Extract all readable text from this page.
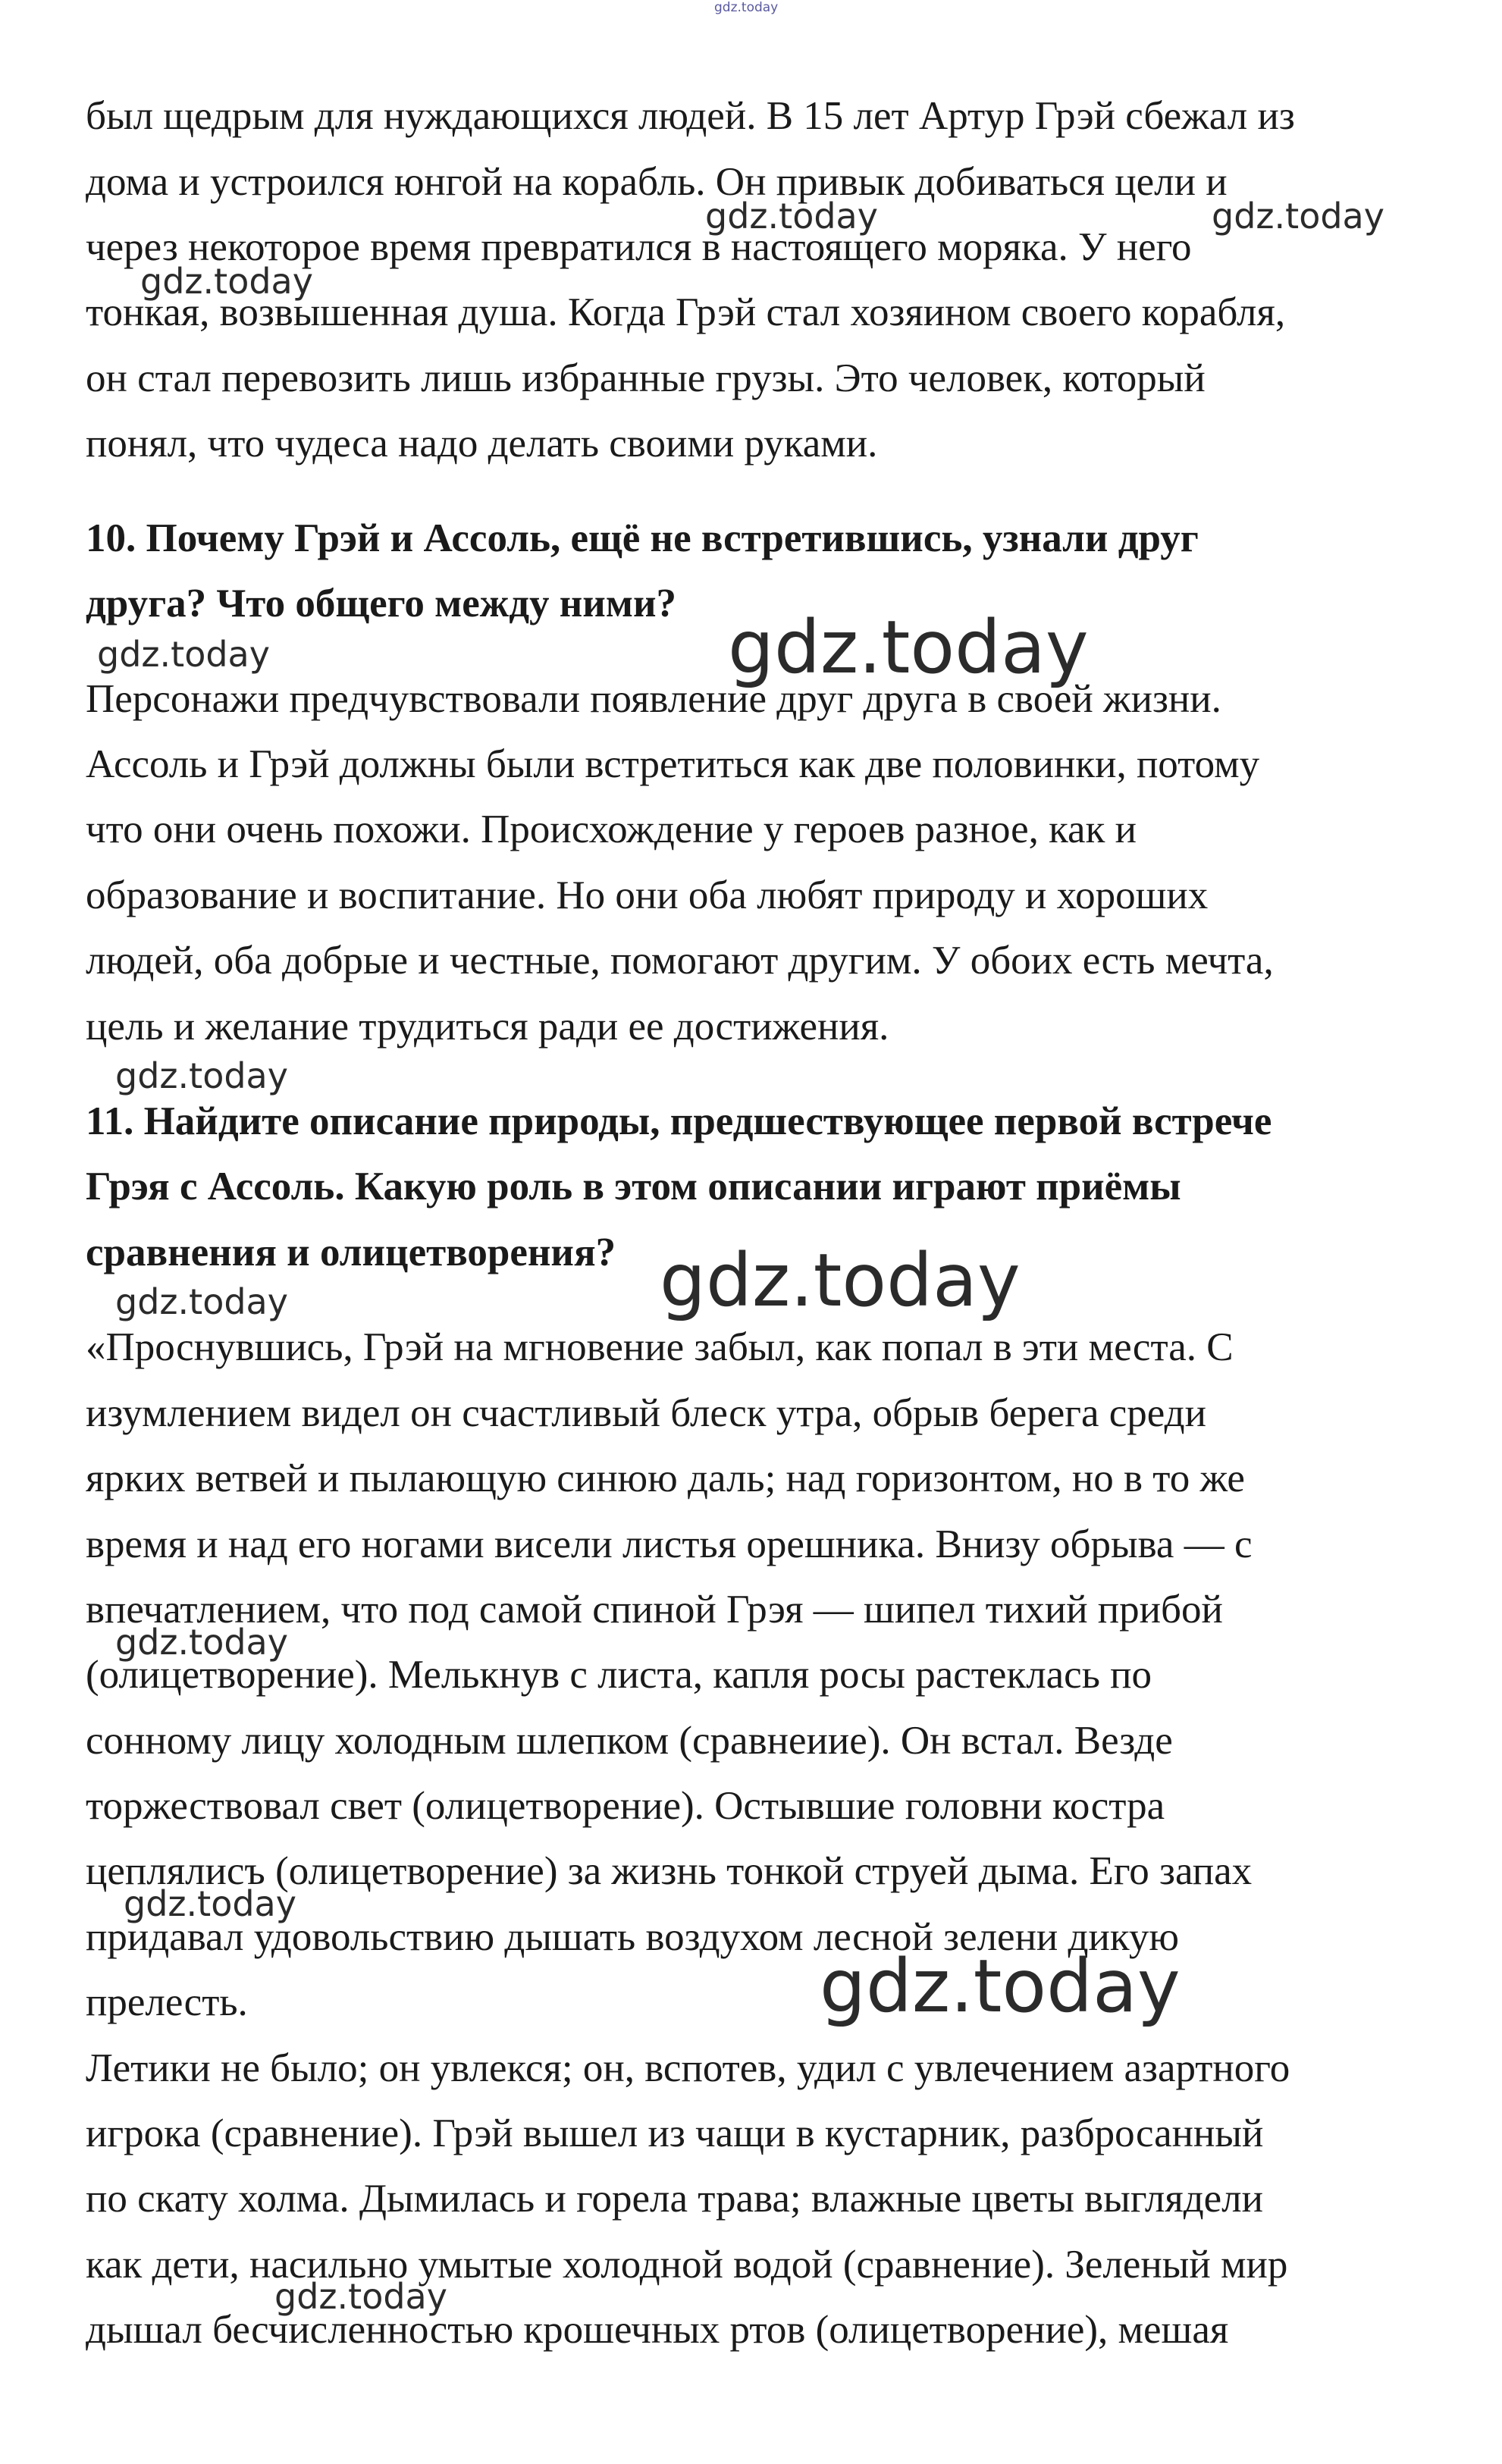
gdz.today

был щедрым для нуждающихся людей. В 15 лет Артур Грэй сбежал из

дома и устроился юнгой на корабль. Он привык добиваться цели и

через некоторое время превратился в настоящего моряка. У него

тонкая, возвышенная душа. Когда Грэй стал хозяином своего корабля,

он стал перевозить лишь избранные грузы. Это человек, который

понял, что чудеса надо делать своими руками.

10. Почему Грэй и Ассоль, ещё не встретившись, узнали друг

друга? Что общего между ними?

Персонажи предчувствовали появление друг друга в своей жизни.

Ассоль и Грэй должны были встретиться как две половинки, потому

что они очень похожи. Происхождение у героев разное, как и

образование и воспитание. Но они оба любят природу и хороших

людей, оба добрые и честные, помогают другим. У обоих есть мечта,

цель и желание трудиться ради ее достижения.

11. Найдите описание природы, предшествующее первой встрече

Грэя с Ассоль. Какую роль в этом описании играют приёмы

сравнения и олицетворения?

«Проснувшись, Грэй на мгновение забыл, как попал в эти места. С

изумлением видел он счастливый блеск утра, обрыв берега среди

ярких ветвей и пылающую синюю даль; над горизонтом, но в то же

время и над его ногами висели листья орешника. Внизу обрыва — с

впечатлением, что под самой спиной Грэя — шипел тихий прибой

(олицетворение). Мелькнув с листа, капля росы растеклась по

сонному лицу холодным шлепком (сравнеиие). Он встал. Везде

торжествовал свет (олицетворение). Остывшие головни костра

цеплялисъ (олицетворение) за жизнь тонкой струей дыма. Его запах

придавал удовольствию дышать воздухом лесной зелени дикую

прелесть.

Летики не было; он увлекся; он, вспотев, удил с увлечением азартного

игрока (сравнение). Грэй вышел из чащи в кустарник, разбросанный

по скату холма. Дымилась и горела трава; влажные цветы выглядели

как дети, насильно умытые холодной водой (сравнение). Зеленый мир

дышал бесчисленностью крошечных ртов (олицетворение), мешая

gdz.today	gdz.today
gdz.today
gdz.today	gdz.today
gdz.today
gdz.today	gdz.today
gdz.today
gdz.today
gdz.today
gdz.today
